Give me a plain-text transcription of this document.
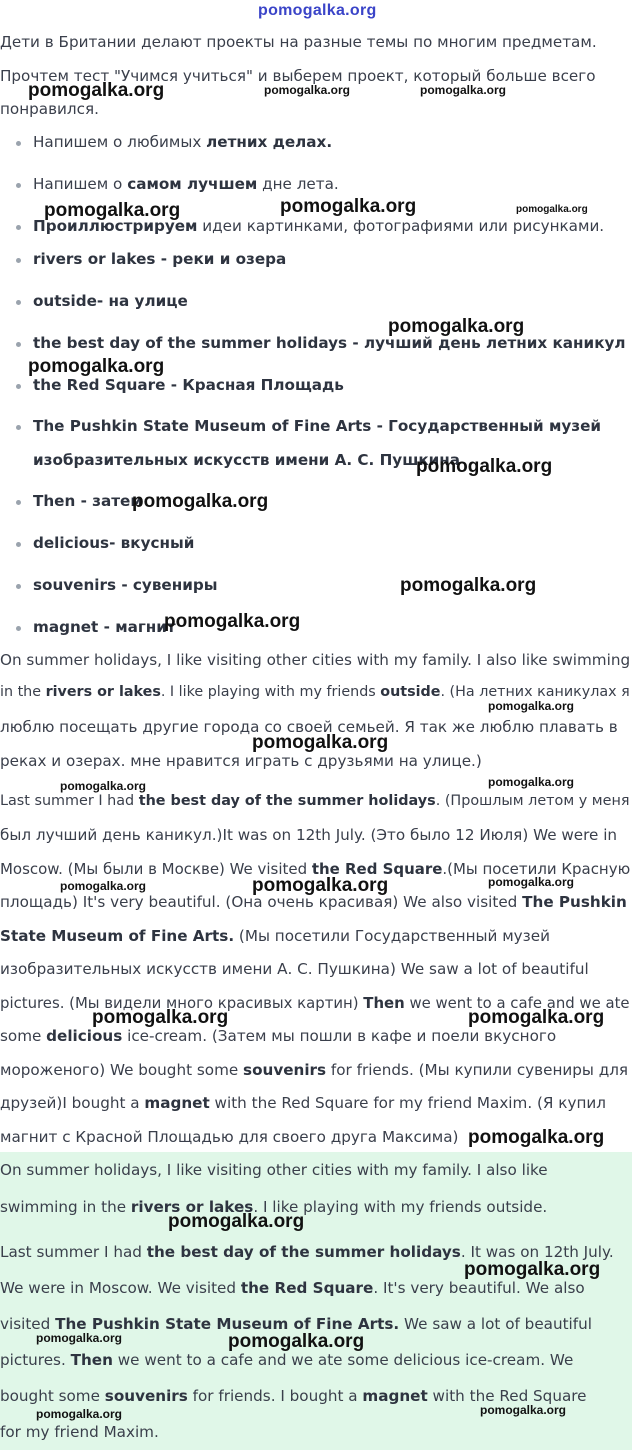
pomogalka.org
Дети в Британии делают проекты на разные темы по многим предметам.
Прочтем тест "Учимся учиться" и выберем проект, который больше всего
понравился.
Напишем о любимых летних делах.
Напишем о самом лучшем дне лета.
Проиллюстрируем идеи картинками, фотографиями или рисунками.
rivers or lakes - реки и озера
outside- на улице
the best day of the summer holidays - лучший день летних каникул
the Red Square - Красная Площадь
The Pushkin State Museum of Fine Arts - Государственный музей
изобразительных искусств имени А. С. Пушкина
Then - затем
delicious- вкусный
souvenirs - сувениры
magnet - магнит
On summer holidays, I like visiting other cities with my family. I also like swimming
in the rivers or lakes. I like playing with my friends outside. (На летних каникулах я
люблю посещать другие города со своей семьей. Я так же люблю плавать в
реках и озерах. мне нравится играть с друзьями на улице.)
Last summer I had the best day of the summer holidays. (Прошлым летом у меня
был лучший день каникул.)It was on 12th July. (Это было 12 Июля) We were in
Moscow. (Мы были в Москве) We visited the Red Square.(Мы посетили Красную
площадь) It's very beautiful. (Она очень красивая) We also visited The Pushkin
State Museum of Fine Arts. (Мы посетили Государственный музей
изобразительных искусств имени А. С. Пушкина) We saw a lot of beautiful
pictures. (Мы видели много красивых картин) Then we went to a cafe and we ate
some delicious ice-cream. (Затем мы пошли в кафе и поели вкусного
мороженого) We bought some souvenirs for friends. (Мы купили сувениры для
друзей)I bought a magnet with the Red Square for my friend Maxim. (Я купил
магнит с Красной Площадью для своего друга Максима)
On summer holidays, I like visiting other cities with my family. I also like
swimming in the rivers or lakes. I like playing with my friends outside.
Last summer I had the best day of the summer holidays. It was on 12th July.
We were in Moscow. We visited the Red Square. It's very beautiful. We also
visited The Pushkin State Museum of Fine Arts. We saw a lot of beautiful
pictures. Then we went to a cafe and we ate some delicious ice-cream. We
bought some souvenirs for friends. I bought a magnet with the Red Square
for my friend Maxim.
pomogalka.org	pomogalka.org	pomogalka.org
pomogalka.org	pomogalka.org	pomogalka.org
pomogalka.org
pomogalka.org
pomogalka.org
pomogalka.org
pomogalka.org
pomogalka.org
pomogalka.org
pomogalka.org
pomogalka.org	pomogalka.org
pomogalka.org	pomogalka.org	pomogalka.org
pomogalka.org	pomogalka.org
pomogalka.org
pomogalka.org
pomogalka.org
pomogalka.org	pomogalka.org
pomogalka.org	pomogalka.org
